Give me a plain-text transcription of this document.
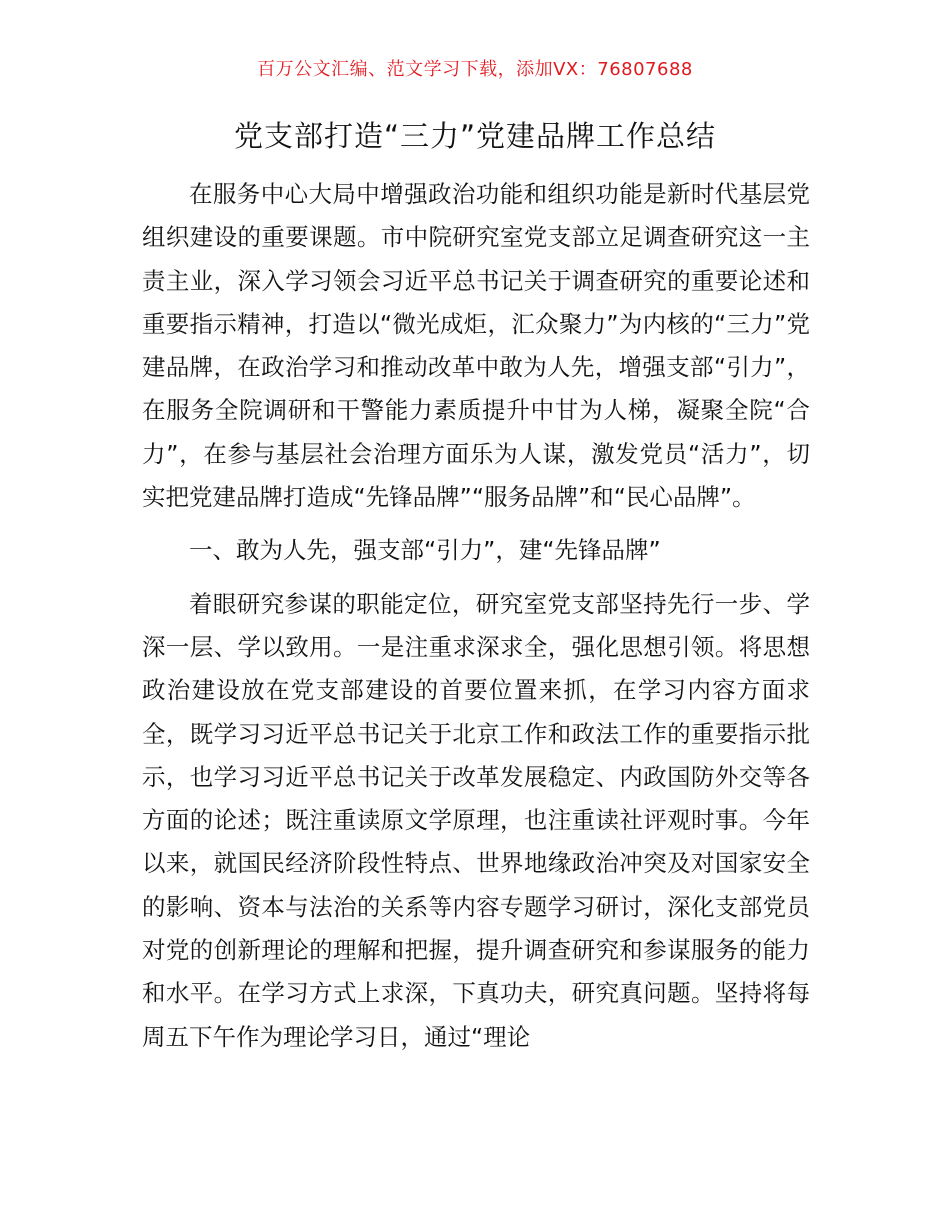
百万公文汇编、范文学习下载，添加VX：76807688
党支部打造“三力”党建品牌工作总结

在服务中心大局中增强政治功能和组织功能是新时代基层党组织建设的重要课题。市中院研究室党支部立足调查研究这一主责主业，深入学习领会习近平总书记关于调查研究的重要论述和重要指示精神，打造以“微光成炬，汇众聚力”为内核的“三力”党建品牌，在政治学习和推动改革中敢为人先，增强支部“引力”，在服务全院调研和干警能力素质提升中甘为人梯，凝聚全院“合力”，在参与基层社会治理方面乐为人谋，激发党员“活力”，切实把党建品牌打造成“先锋品牌”“服务品牌”和“民心品牌”。

一、敢为人先，强支部“引力”，建“先锋品牌”

着眼研究参谋的职能定位，研究室党支部坚持先行一步、学深一层、学以致用。一是注重求深求全，强化思想引领。将思想政治建设放在党支部建设的首要位置来抓，在学习内容方面求全，既学习习近平总书记关于北京工作和政法工作的重要指示批示，也学习习近平总书记关于改革发展稳定、内政国防外交等各方面的论述；既注重读原文学原理，也注重读社评观时事。今年以来，就国民经济阶段性特点、世界地缘政治冲突及对国家安全的影响、资本与法治的关系等内容专题学习研讨，深化支部党员对党的创新理论的理解和把握，提升调查研究和参谋服务的能力和水平。在学习方式上求深，下真功夫，研究真问题。坚持将每周五下午作为理论学习日，通过“理论
